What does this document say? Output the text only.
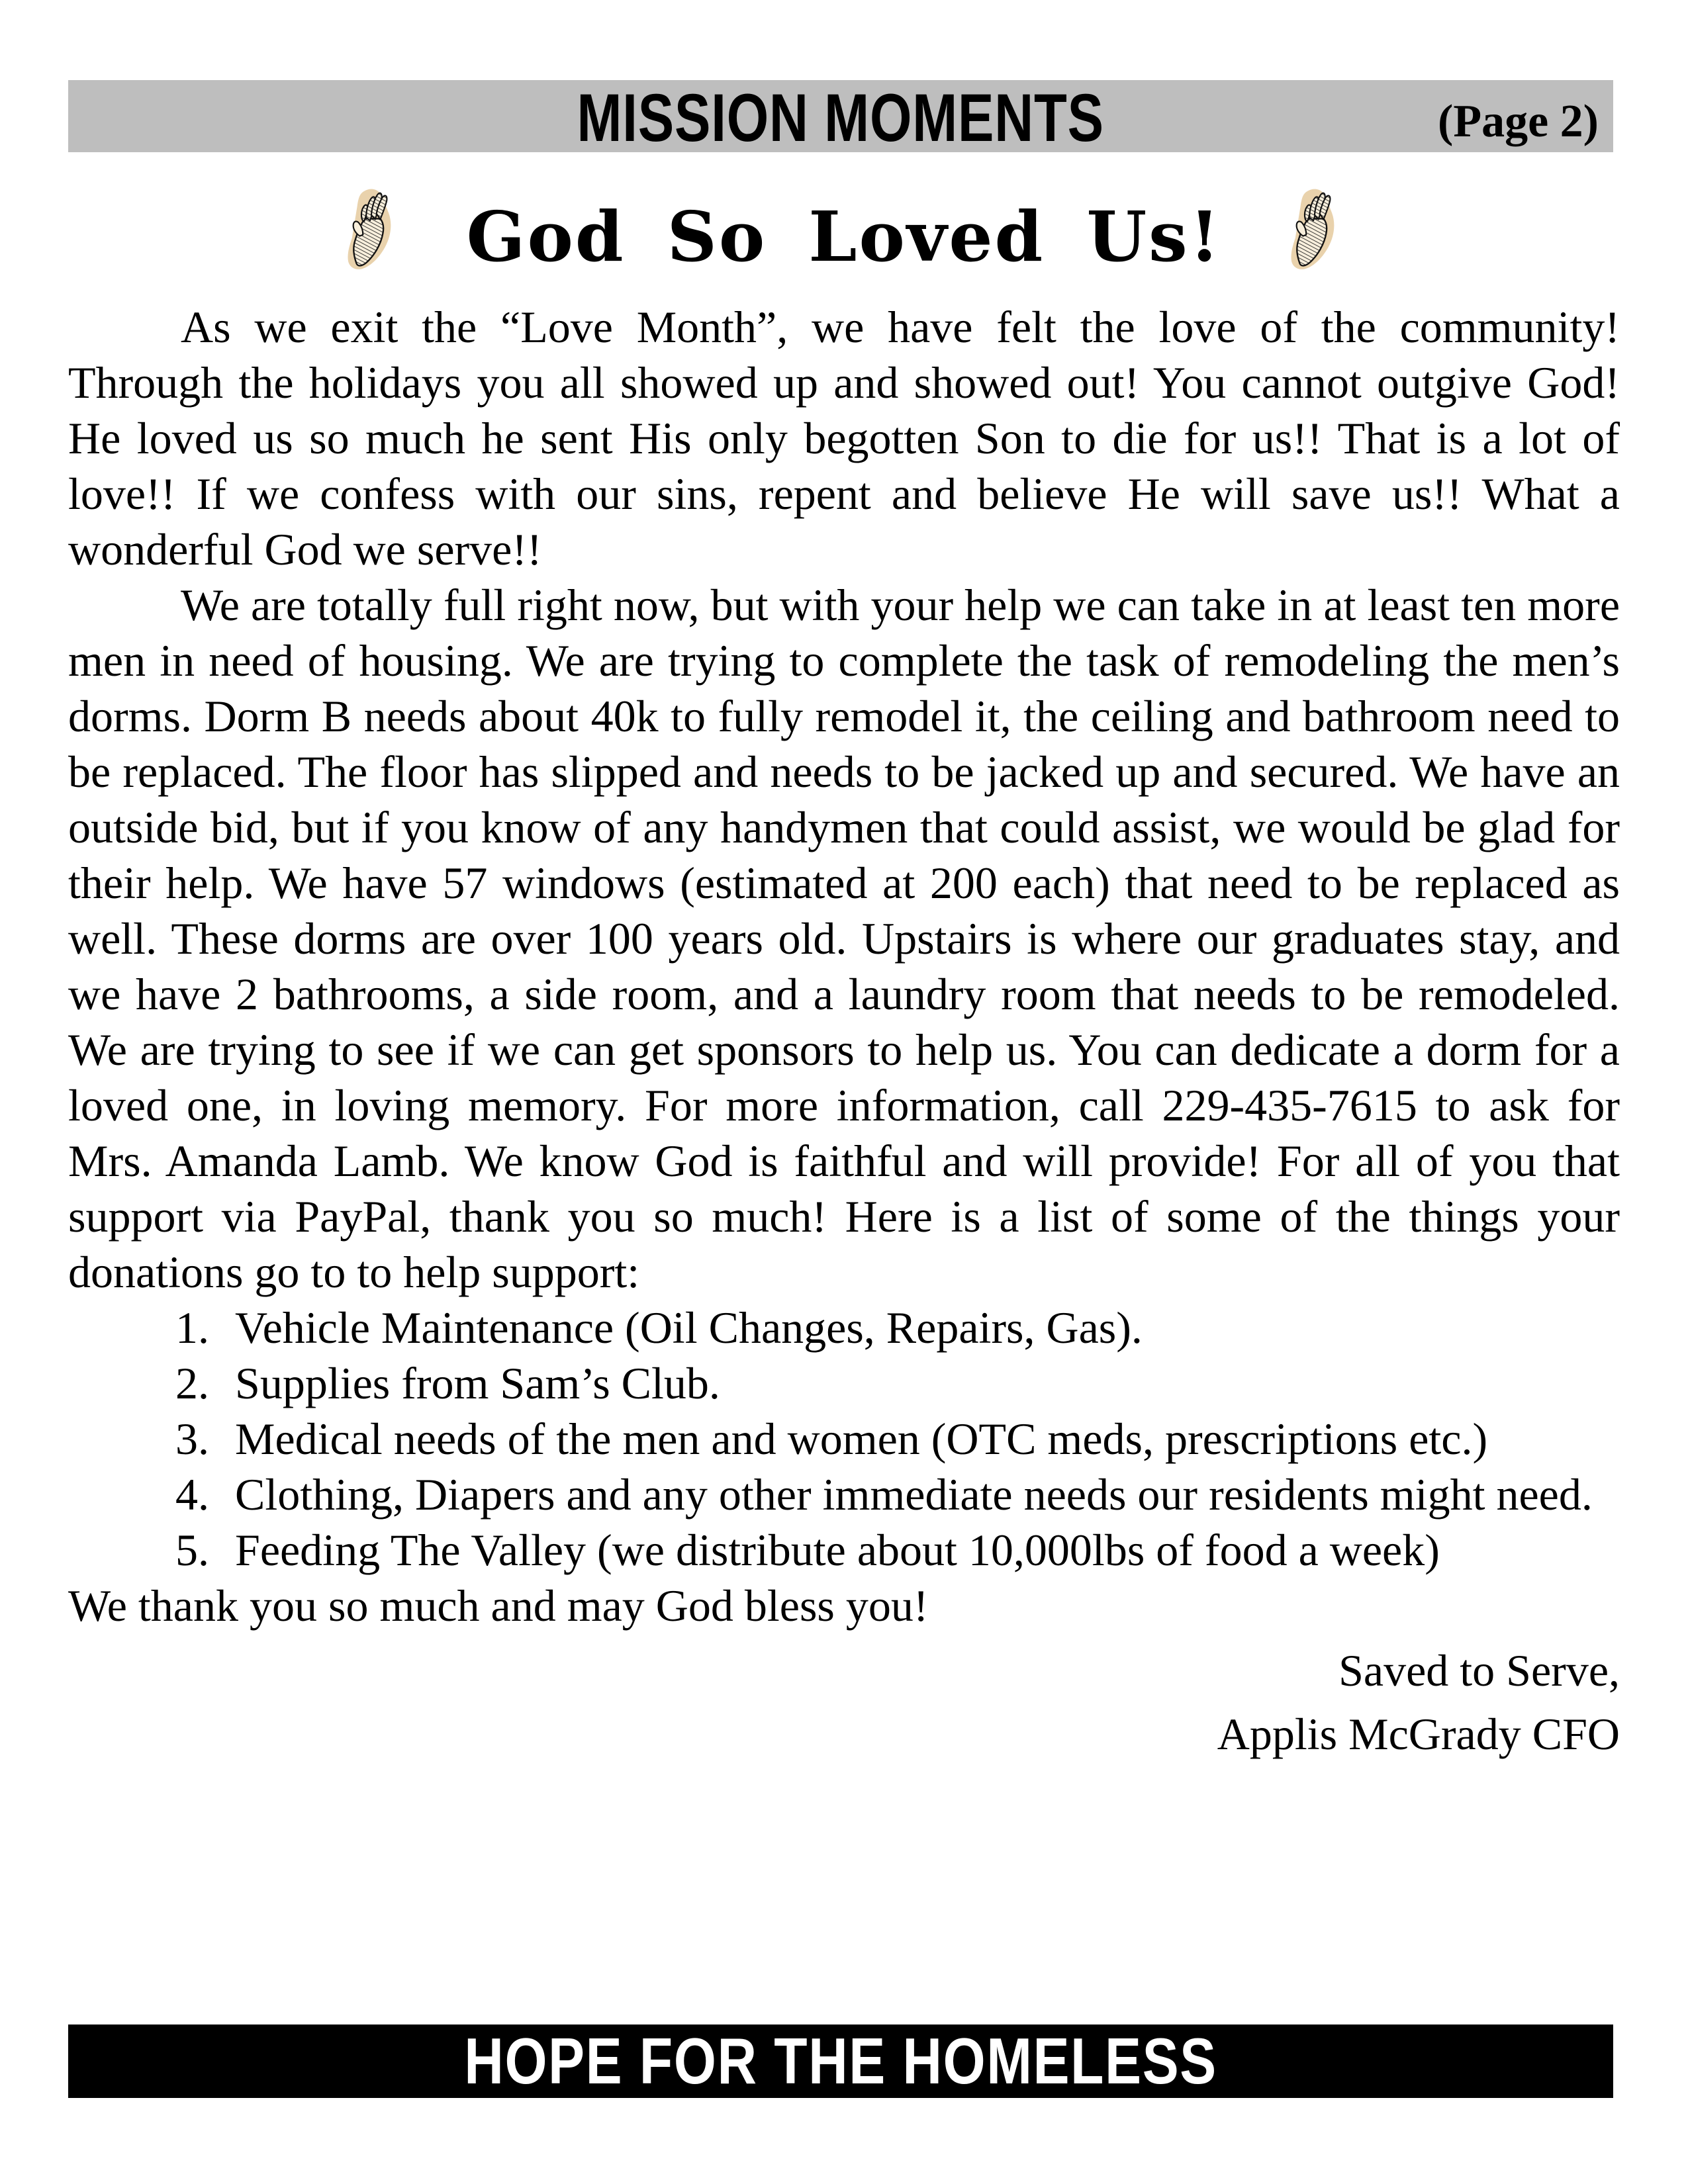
MISSION MOMENTS	(Page 2)
God So Loved Us!

As we exit the “Love Month”, we have felt the love of the community! Through the holidays you all showed up and showed out! You cannot outgive God! He loved us so much he sent His only begotten Son to die for us!! That is a lot of love!! If we confess with our sins, repent and believe He will save us!! What a wonderful God we serve!!

We are totally full right now, but with your help we can take in at least ten more men in need of housing. We are trying to complete the task of remodeling the men’s dorms. Dorm B needs about 40k to fully remodel it, the ceiling and bathroom need to be replaced. The floor has slipped and needs to be jacked up and secured. We have an outside bid, but if you know of any handymen that could assist, we would be glad for their help. We have 57 windows (estimated at 200 each) that need to be replaced as well. These dorms are over 100 years old. Upstairs is where our graduates stay, and we have 2 bathrooms, a side room, and a laundry room that needs to be remodeled. We are trying to see if we can get sponsors to help us. You can dedicate a dorm for a loved one, in loving memory. For more information, call 229-435-7615 to ask for Mrs. Amanda Lamb. We know God is faithful and will provide! For all of you that support via PayPal, thank you so much! Here is a list of some of the things your donations go to to help support:

1. Vehicle Maintenance (Oil Changes, Repairs, Gas).
2. Supplies from Sam’s Club.
3. Medical needs of the men and women (OTC meds, prescriptions etc.)
4. Clothing, Diapers and any other immediate needs our residents might need.
5. Feeding The Valley (we distribute about 10,000lbs of food a week)

We thank you so much and may God bless you!

Saved to Serve,
Applis McGrady CFO
HOPE FOR THE HOMELESS
